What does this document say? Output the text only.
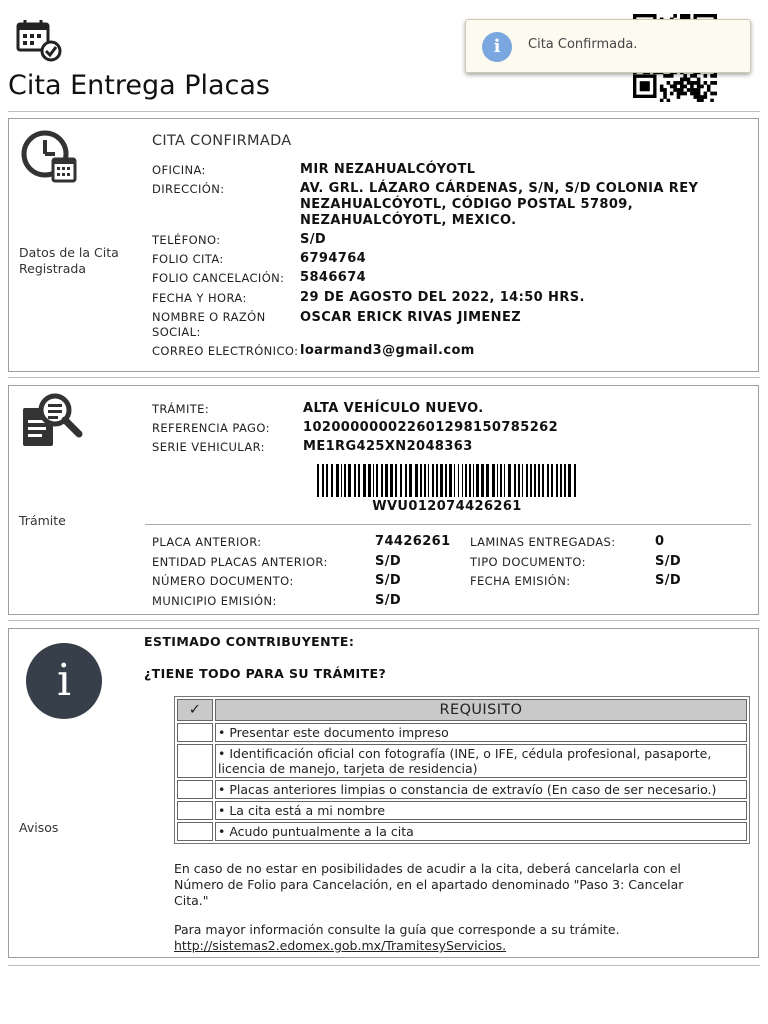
Cita Entrega Placas
i	Cita Confirmada.
Datos de la Cita Registrada
CITA CONFIRMADA
OFICINA:	MIR NEZAHUALCÓYOTL
DIRECCIÓN:	AV. GRL. LÁZARO CÁRDENAS, S/N, S/D COLONIA REY NEZAHUALCÓYOTL, CÓDIGO POSTAL 57809, NEZAHUALCÓYOTL, MEXICO.
TELÉFONO:	S/D
FOLIO CITA:	6794764
FOLIO CANCELACIÓN: 5846674
FECHA Y HORA:	29 DE AGOSTO DEL 2022, 14:50 HRS.
NOMBRE O RAZÓN SOCIAL:
OSCAR ERICK RIVAS JIMENEZ
CORREO ELECTRÓNICO: loarmand3@gmail.com
Trámite
TRÁMITE:	ALTA VEHÍCULO NUEVO.
REFERENCIA PAGO:	10200000002260129815078526​2
SERIE VEHICULAR:	ME1RG425XN2048363
WVU012074426261
PLACA ANTERIOR:	74426261
ENTIDAD PLACAS ANTERIOR:	S/D
NÚMERO DOCUMENTO:	S/D
MUNICIPIO EMISIÓN:	S/D
LAMINAS ENTREGADAS:	0
TIPO DOCUMENTO:	S/D
FECHA EMISIÓN:	S/D
i
Avisos
ESTIMADO CONTRIBUYENTE:
¿TIENE TODO PARA SU TRÁMITE?
✓	REQUISITO
	• Presentar este documento impreso
	• Identificación oficial con fotografía (INE, o IFE, cédula profesional, pasaporte, licencia de manejo, tarjeta de residencia)
	• Placas anteriores limpias o constancia de extravío (En caso de ser necesario.)
	• La cita está a mi nombre
	• Acudo puntualmente a la cita
En caso de no estar en posibilidades de acudir a la cita, deberá cancelarla con el Número de Folio para Cancelación, en el apartado denominado "Paso 3: Cancelar Cita."
Para mayor información consulte la guía que corresponde a su trámite.
http://sistemas2.edomex.gob.mx/TramitesyServicios.
